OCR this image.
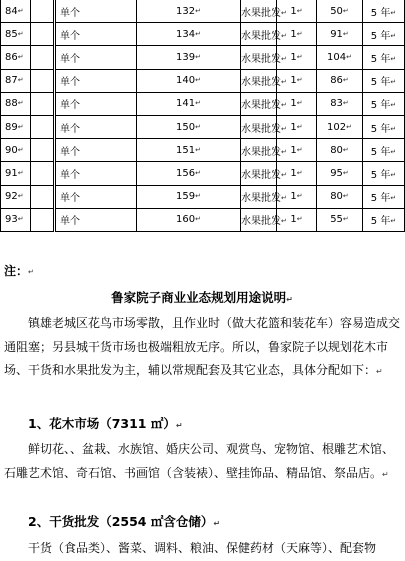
84↵		单个	132↵	水果批发↵	1↵	50↵	5 年↵	
85↵		单个	134↵	水果批发↵	1↵	91↵	5 年↵	
86↵		单个	139↵	水果批发↵	1↵	104↵	5 年↵	
87↵		单个	140↵	水果批发↵	1↵	86↵	5 年↵	
88↵		单个	141↵	水果批发↵	1↵	83↵	5 年↵	
89↵		单个	150↵	水果批发↵	1↵	102↵	5 年↵	
90↵		单个	151↵	水果批发↵	1↵	80↵	5 年↵	
91↵		单个	156↵	水果批发↵	1↵	95↵	5 年↵	
92↵		单个	159↵	水果批发↵	1↵	80↵	5 年↵	
93↵		单个	160↵	水果批发↵	1↵	55↵	5 年↵	
注：↵
鲁家院子商业业态规划用途说明↵
镇雄老城区花鸟市场零散，且作业时（做大花篮和装花车）容易造成交通阻塞；另县城干货市场也极端粗放无序。所以，鲁家院子以规划花木市场、干货和水果批发为主，辅以常规配套及其它业态，具体分配如下：↵
1、花木市场（7311 ㎡）↵
鲜切花、、盆栽、水族馆、婚庆公司、观赏鸟、宠物馆、根雕艺术馆、石雕艺术馆、奇石馆、书画馆（含装裱）、壁挂饰品、精品馆、祭品店。↵
2、干货批发（2554 ㎡含仓储）↵
干货（食品类）、酱菜、调料、粮油、保健药材（天麻等）、配套物
